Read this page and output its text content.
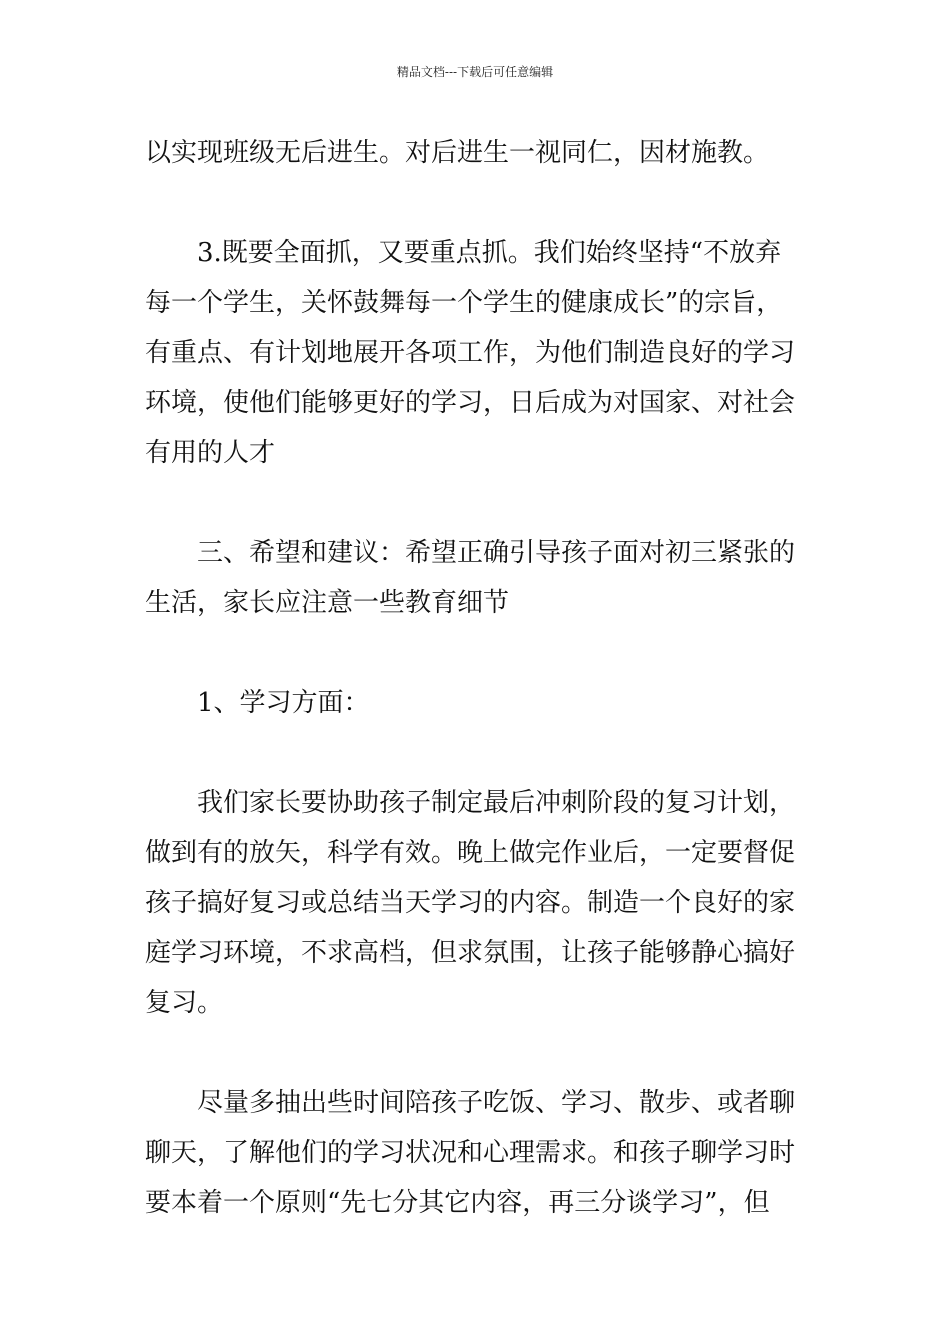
精品文档---下载后可任意编辑

以实现班级无后进生。对后进生一视同仁，因材施教。

　　3.既要全面抓，又要重点抓。我们始终坚持“不放弃

每一个学生，关怀鼓舞每一个学生的健康成长”的宗旨，

有重点、有计划地展开各项工作，为他们制造良好的学习

环境，使他们能够更好的学习，日后成为对国家、对社会

有用的人才

　　三、希望和建议：希望正确引导孩子面对初三紧张的

生活，家长应注意一些教育细节

　　1、学习方面：

　　我们家长要协助孩子制定最后冲刺阶段的复习计划，

做到有的放矢，科学有效。晚上做完作业后，一定要督促

孩子搞好复习或总结当天学习的内容。制造一个良好的家

庭学习环境，不求高档，但求氛围，让孩子能够静心搞好

复习。

　　尽量多抽出些时间陪孩子吃饭、学习、散步、或者聊

聊天，了解他们的学习状况和心理需求。和孩子聊学习时

要本着一个原则“先七分其它内容，再三分谈学习”，但
